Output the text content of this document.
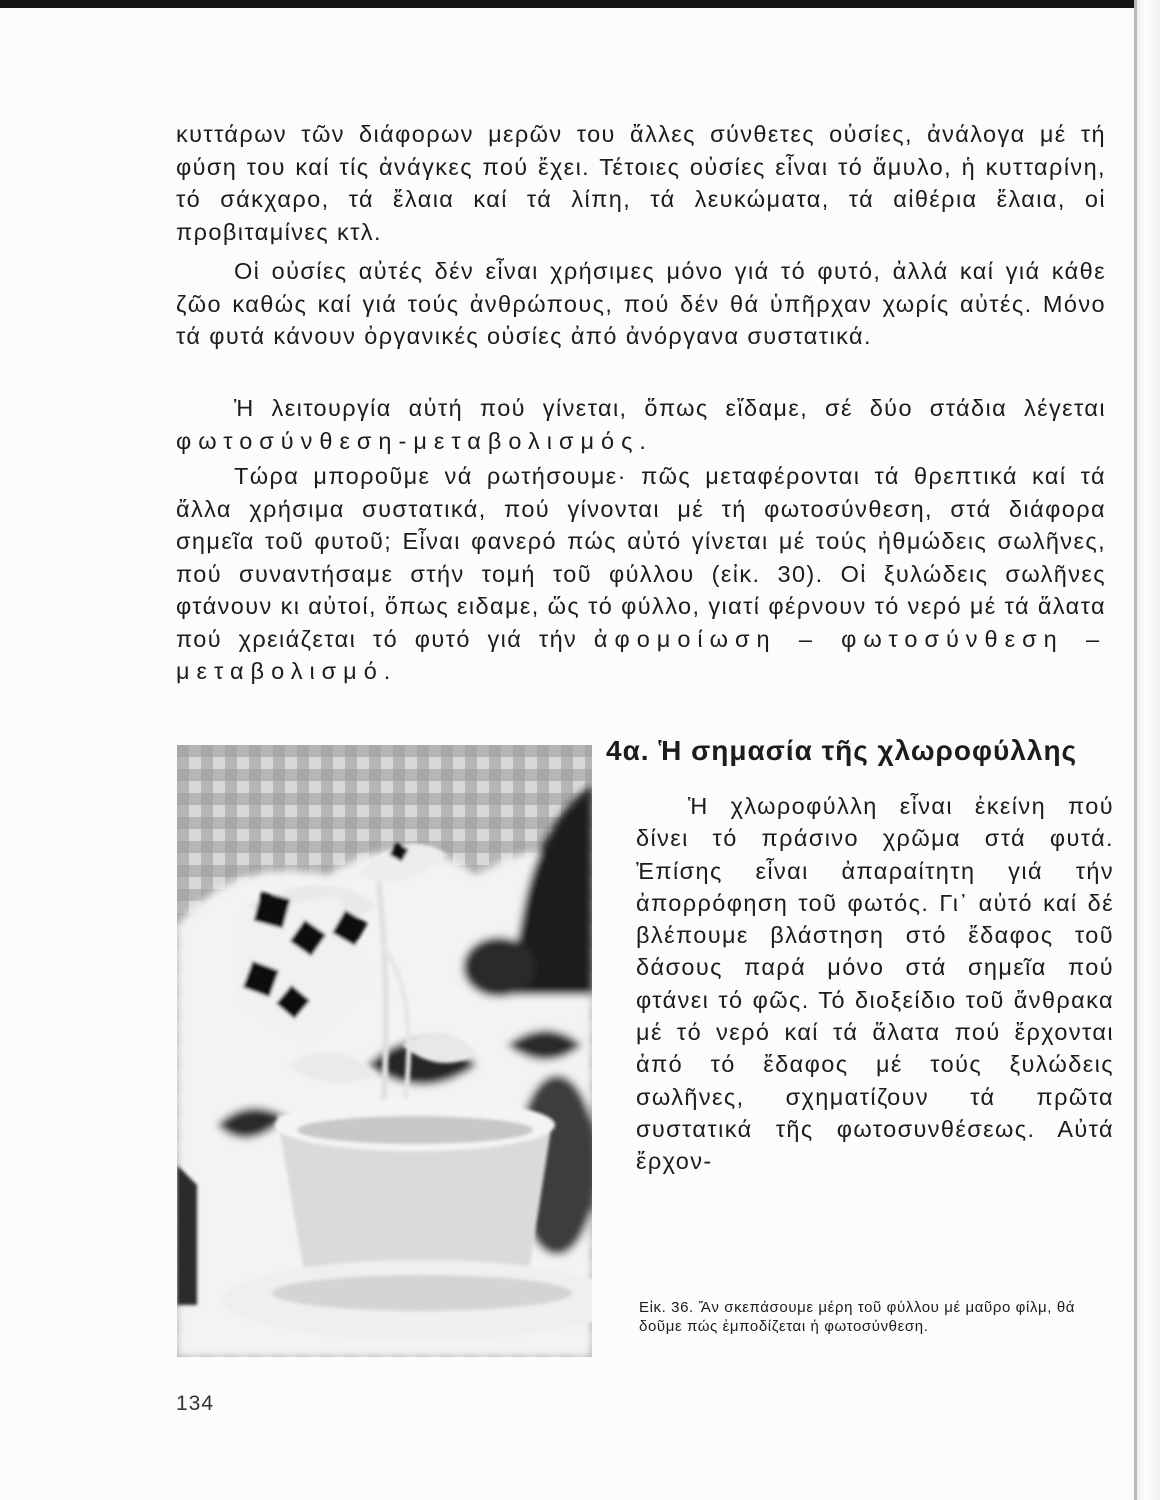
κυττάρων τῶν διάφορων μερῶν του ἄλλες σύνθετες οὐσίες, ἀνάλογα μέ τή φύση του καί τίς ἀνάγκες πού ἔχει. Τέτοιες οὐσίες εἶναι τό ἄμυλο, ἡ κυτταρίνη, τό σάκχαρο, τά ἔλαια καί τά λίπη, τά λευκώματα, τά αἰθέρια ἔλαια, οἱ προβιταμίνες κτλ.

Οἱ οὐσίες αὐτές δέν εἶναι χρήσιμες μόνο γιά τό φυτό, ἀλλά καί γιά κάθε ζῶο καθώς καί γιά τούς ἀνθρώπους, πού δέν θά ὑπῆρχαν χωρίς αὐτές. Μόνο τά φυτά κάνουν ὀργανικές οὐσίες ἀπό ἀνόργανα συστατικά.

Ἡ λειτουργία αὐτή πού γίνεται, ὅπως εἴδαμε, σέ δύο στάδια λέγεται φωτοσύνθεση-μεταβολισμός.

Τώρα μποροῦμε νά ρωτήσουμε· πῶς μεταφέρονται τά θρεπτικά καί τά ἄλλα χρήσιμα συστατικά, πού γίνονται μέ τή φωτοσύνθεση, στά διάφορα σημεῖα τοῦ φυτοῦ; Εἶναι φανερό πώς αὐτό γίνεται μέ τούς ἠθμώδεις σωλῆνες, πού συναντήσαμε στήν τομή τοῦ φύλλου (εἰκ. 30). Οἱ ξυλώδεις σωλῆνες φτάνουν κι αὐτοί, ὅπως ειδαμε, ὥς τό φύλλο, γιατί φέρνουν τό νερό μέ τά ἅλατα πού χρειάζεται τό φυτό γιά τήν ἀφομοίωση – φωτοσύνθεση – μεταβολισμό.

4α. Ἡ σημασία τῆς χλωροφύλλης

Ἡ χλωροφύλλη εἶναι ἐκείνη πού δίνει τό πράσινο χρῶμα στά φυτά. Ἐπίσης εἶναι ἀπαραίτητη γιά τήν ἀπορρόφηση τοῦ φωτός. Γι᾿ αὐτό καί δέ βλέπουμε βλάστηση στό ἔδαφος τοῦ δάσους παρά μόνο στά σημεῖα πού φτάνει τό φῶς. Τό διοξείδιο τοῦ ἄνθρακα μέ τό νερό καί τά ἅλατα πού ἔρχονται ἀπό τό ἔδαφος μέ τούς ξυλώδεις σωλῆνες, σχηματίζουν τά πρῶτα συστατικά τῆς φωτοσυνθέσεως. Αὐτά ἔρχον-

Εἰκ. 36. Ἄν σκεπάσουμε μέρη τοῦ φύλλου μέ μαῦρο φίλμ, θά δοῦμε πώς ἐμποδίζεται ἡ φωτοσύνθεση.

134
